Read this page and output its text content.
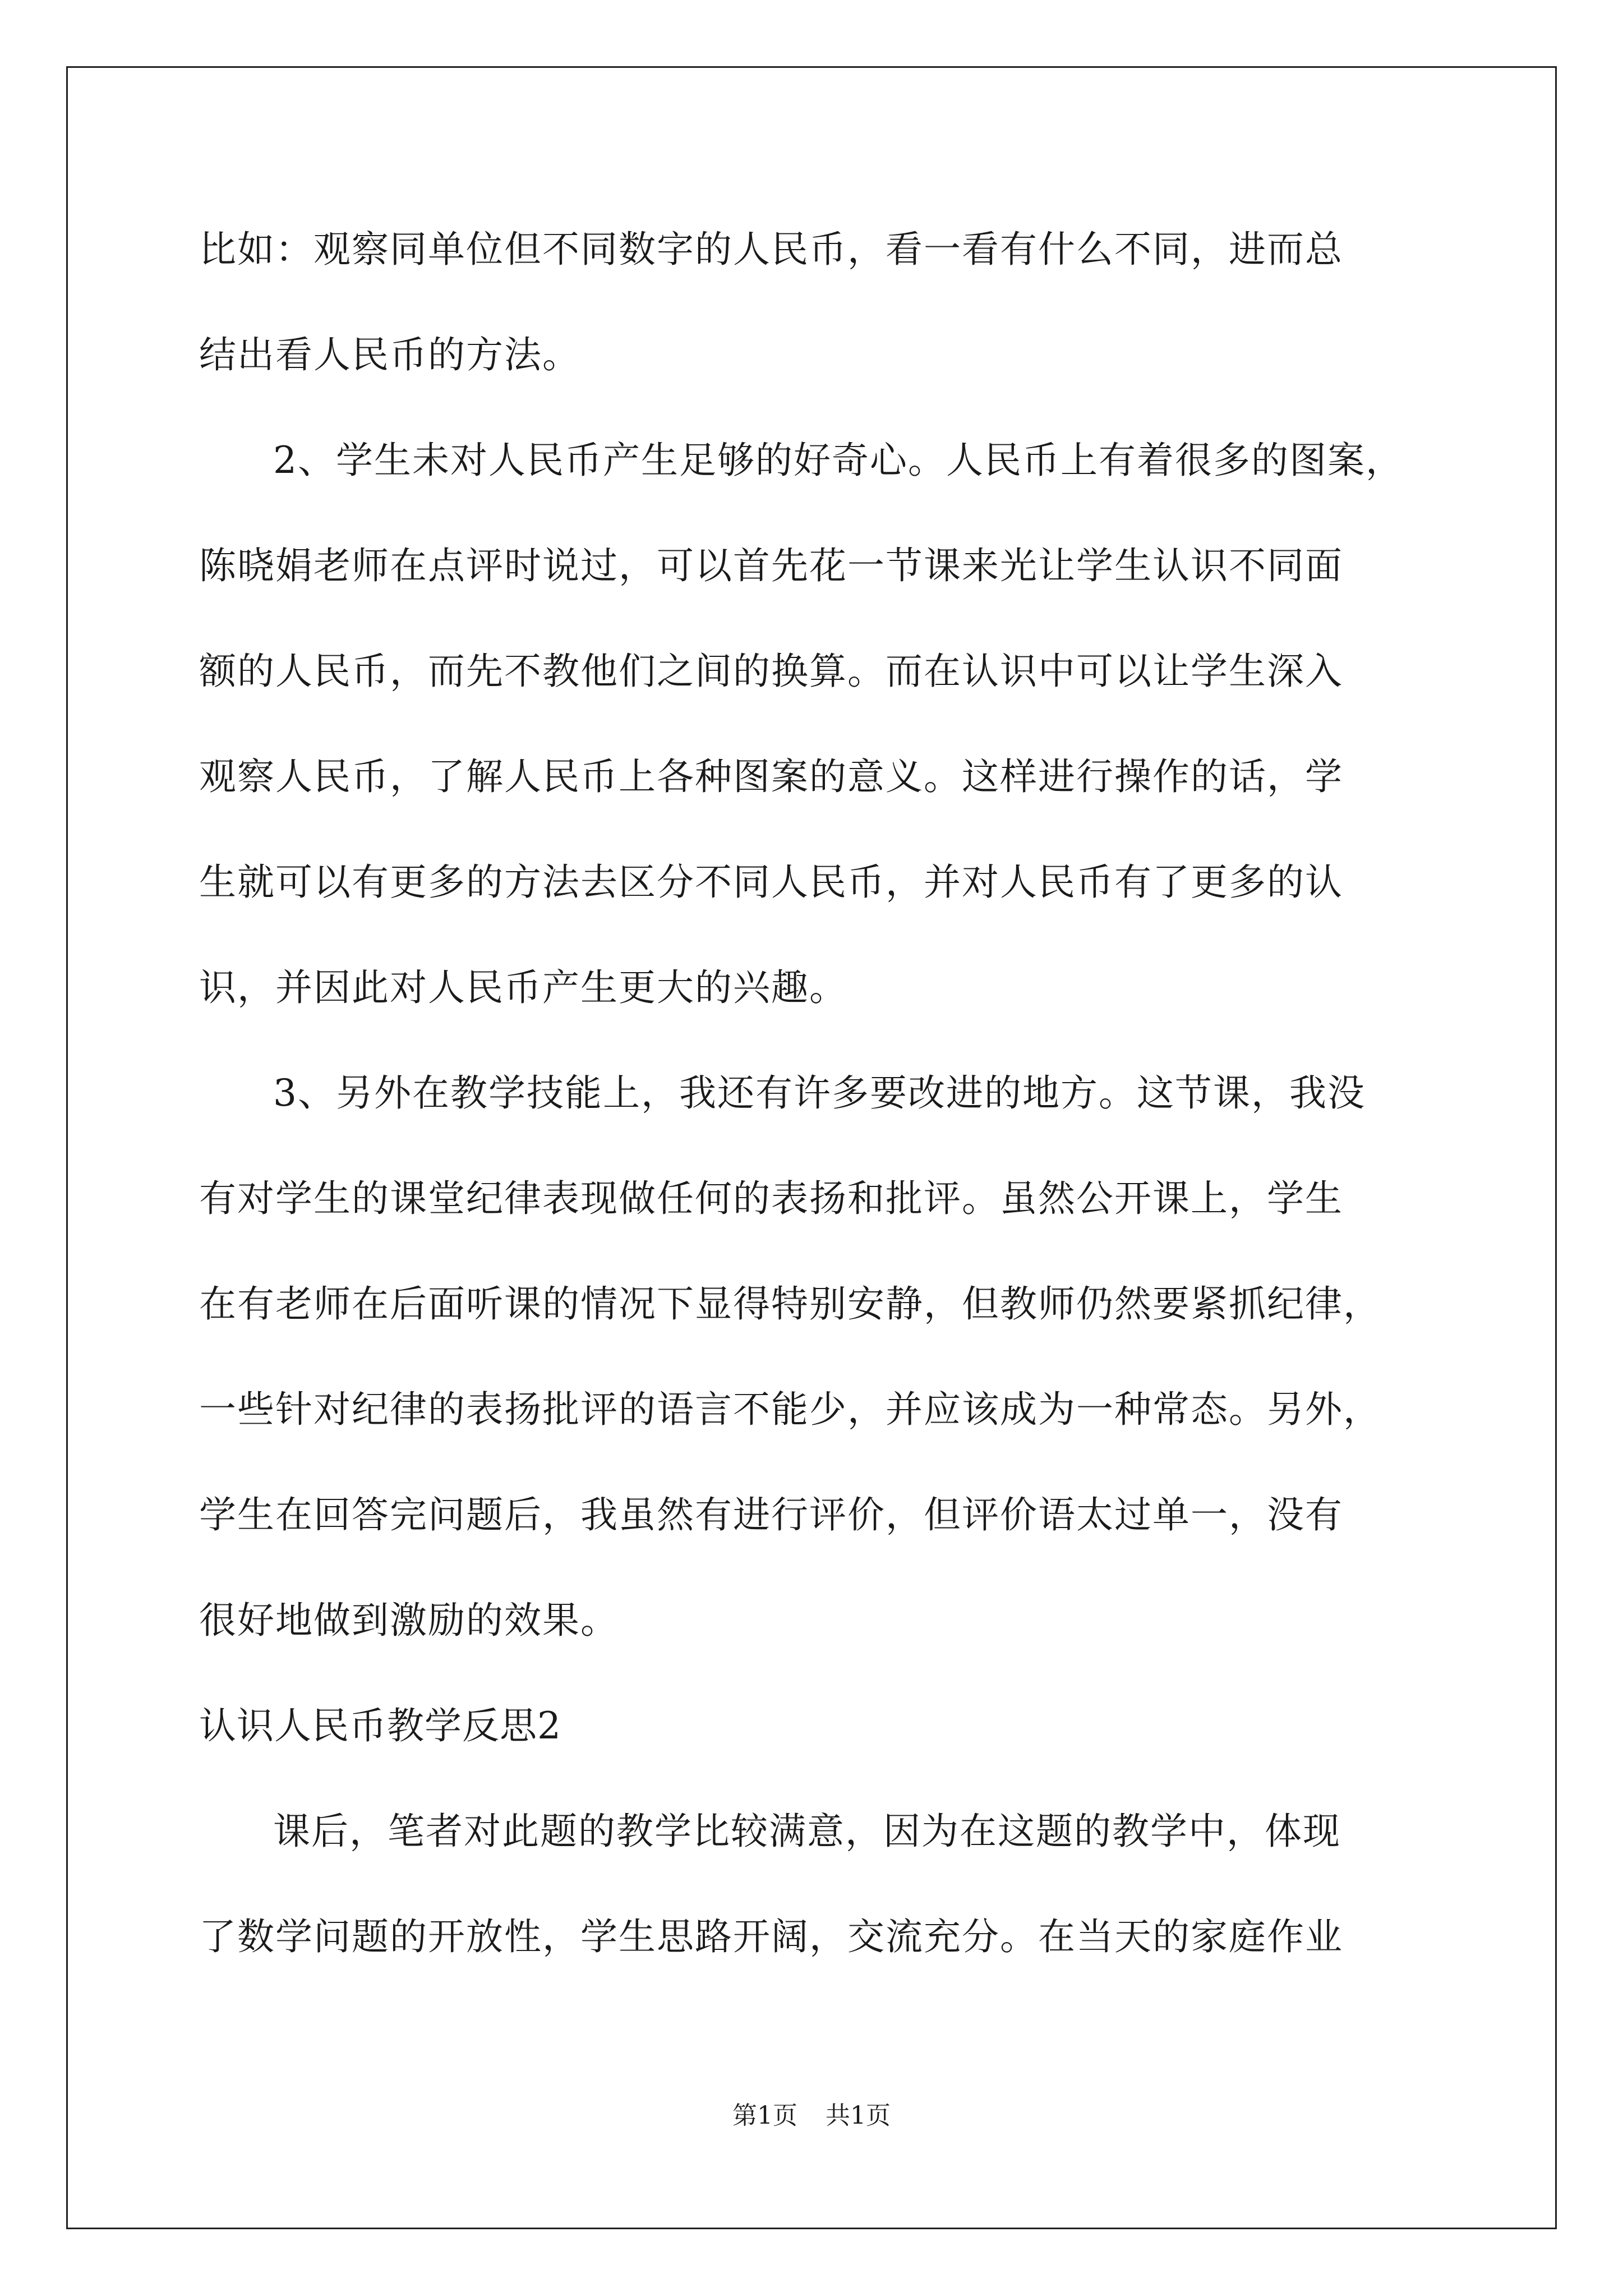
比如：观察同单位但不同数字的人民币，看一看有什么不同，进而总
结出看人民币的方法。
2、学生未对人民币产生足够的好奇心。人民币上有着很多的图案，
陈晓娟老师在点评时说过，可以首先花一节课来光让学生认识不同面
额的人民币，而先不教他们之间的换算。而在认识中可以让学生深入
观察人民币，了解人民币上各种图案的意义。这样进行操作的话，学
生就可以有更多的方法去区分不同人民币，并对人民币有了更多的认
识，并因此对人民币产生更大的兴趣。
3、另外在教学技能上，我还有许多要改进的地方。这节课，我没
有对学生的课堂纪律表现做任何的表扬和批评。虽然公开课上，学生
在有老师在后面听课的情况下显得特别安静，但教师仍然要紧抓纪律，
一些针对纪律的表扬批评的语言不能少，并应该成为一种常态。另外，
学生在回答完问题后，我虽然有进行评价，但评价语太过单一，没有
很好地做到激励的效果。
认识人民币教学反思2
课后，笔者对此题的教学比较满意，因为在这题的教学中，体现
了数学问题的开放性，学生思路开阔，交流充分。在当天的家庭作业
第1页 共1页
